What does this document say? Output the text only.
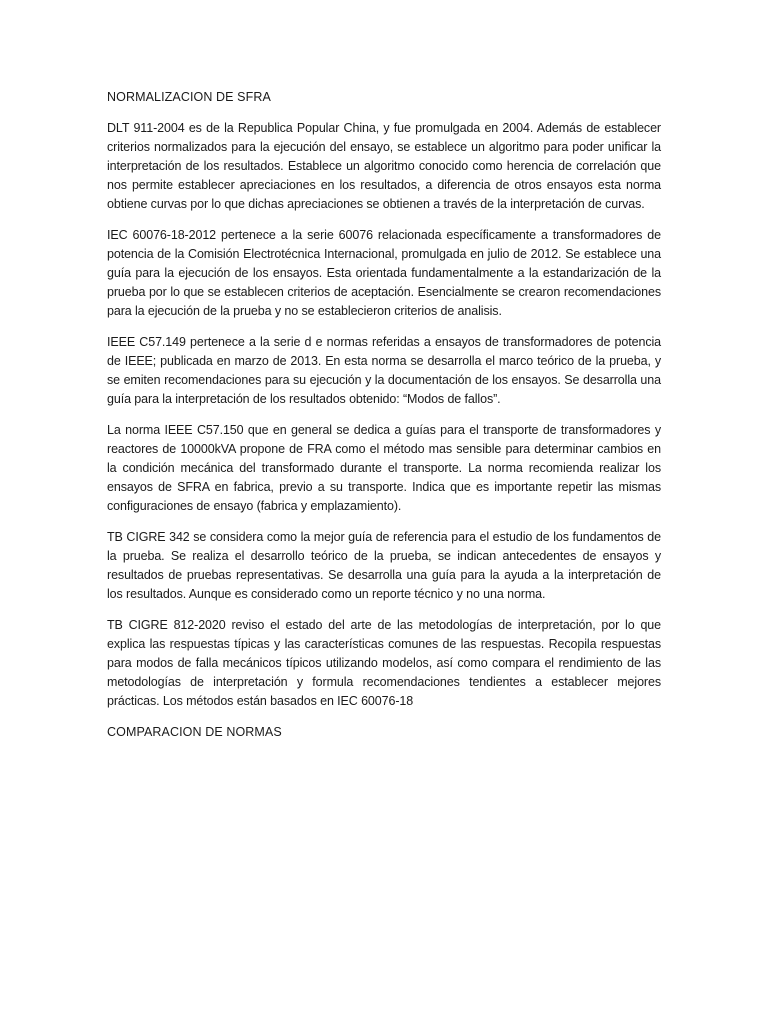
NORMALIZACION DE SFRA

DLT 911-2004 es de la Republica Popular China, y fue promulgada en 2004. Además de establecer criterios normalizados para la ejecución del ensayo, se establece un algoritmo para poder unificar la interpretación de los resultados. Establece un algoritmo conocido como herencia de correlación que nos permite establecer apreciaciones en los resultados, a diferencia de otros ensayos esta norma obtiene curvas por lo que dichas apreciaciones se obtienen a través de la interpretación de curvas.

IEC 60076-18-2012 pertenece a la serie 60076 relacionada específicamente a transformadores de potencia de la Comisión Electrotécnica Internacional, promulgada en julio de 2012. Se establece una guía para la ejecución de los ensayos. Esta orientada fundamentalmente a la estandarización de la prueba por lo que se establecen criterios de aceptación. Esencialmente se crearon recomendaciones para la ejecución de la prueba y no se establecieron criterios de analisis.

IEEE C57.149 pertenece a la serie d e normas referidas a ensayos de transformadores de potencia de IEEE; publicada en marzo de 2013. En esta norma se desarrolla el marco teórico de la prueba, y se emiten recomendaciones para su ejecución y la documentación de los ensayos. Se desarrolla una guía para la interpretación de los resultados obtenido: “Modos de fallos”.

La norma IEEE C57.150 que en general se dedica a guías para el transporte de transformadores y reactores de 10000kVA propone de FRA como el método mas sensible para determinar cambios en la condición mecánica del transformado durante el transporte. La norma recomienda realizar los ensayos de SFRA en fabrica, previo a su transporte. Indica que es importante repetir las mismas configuraciones de ensayo (fabrica y emplazamiento).

TB CIGRE 342 se considera como la mejor guía de referencia para el estudio de los fundamentos de la prueba. Se realiza el desarrollo teórico de la prueba, se indican antecedentes de ensayos y resultados de pruebas representativas. Se desarrolla una guía para la ayuda a la interpretación de los resultados. Aunque es considerado como un reporte técnico y no una norma.

TB CIGRE 812-2020 reviso el estado del arte de las metodologías de interpretación, por lo que explica las respuestas típicas y las características comunes de las respuestas. Recopila respuestas para modos de falla mecánicos típicos utilizando modelos, así como compara el rendimiento de las metodologías de interpretación y formula recomendaciones tendientes a establecer mejores prácticas. Los métodos están basados en IEC 60076-18

COMPARACION DE NORMAS
